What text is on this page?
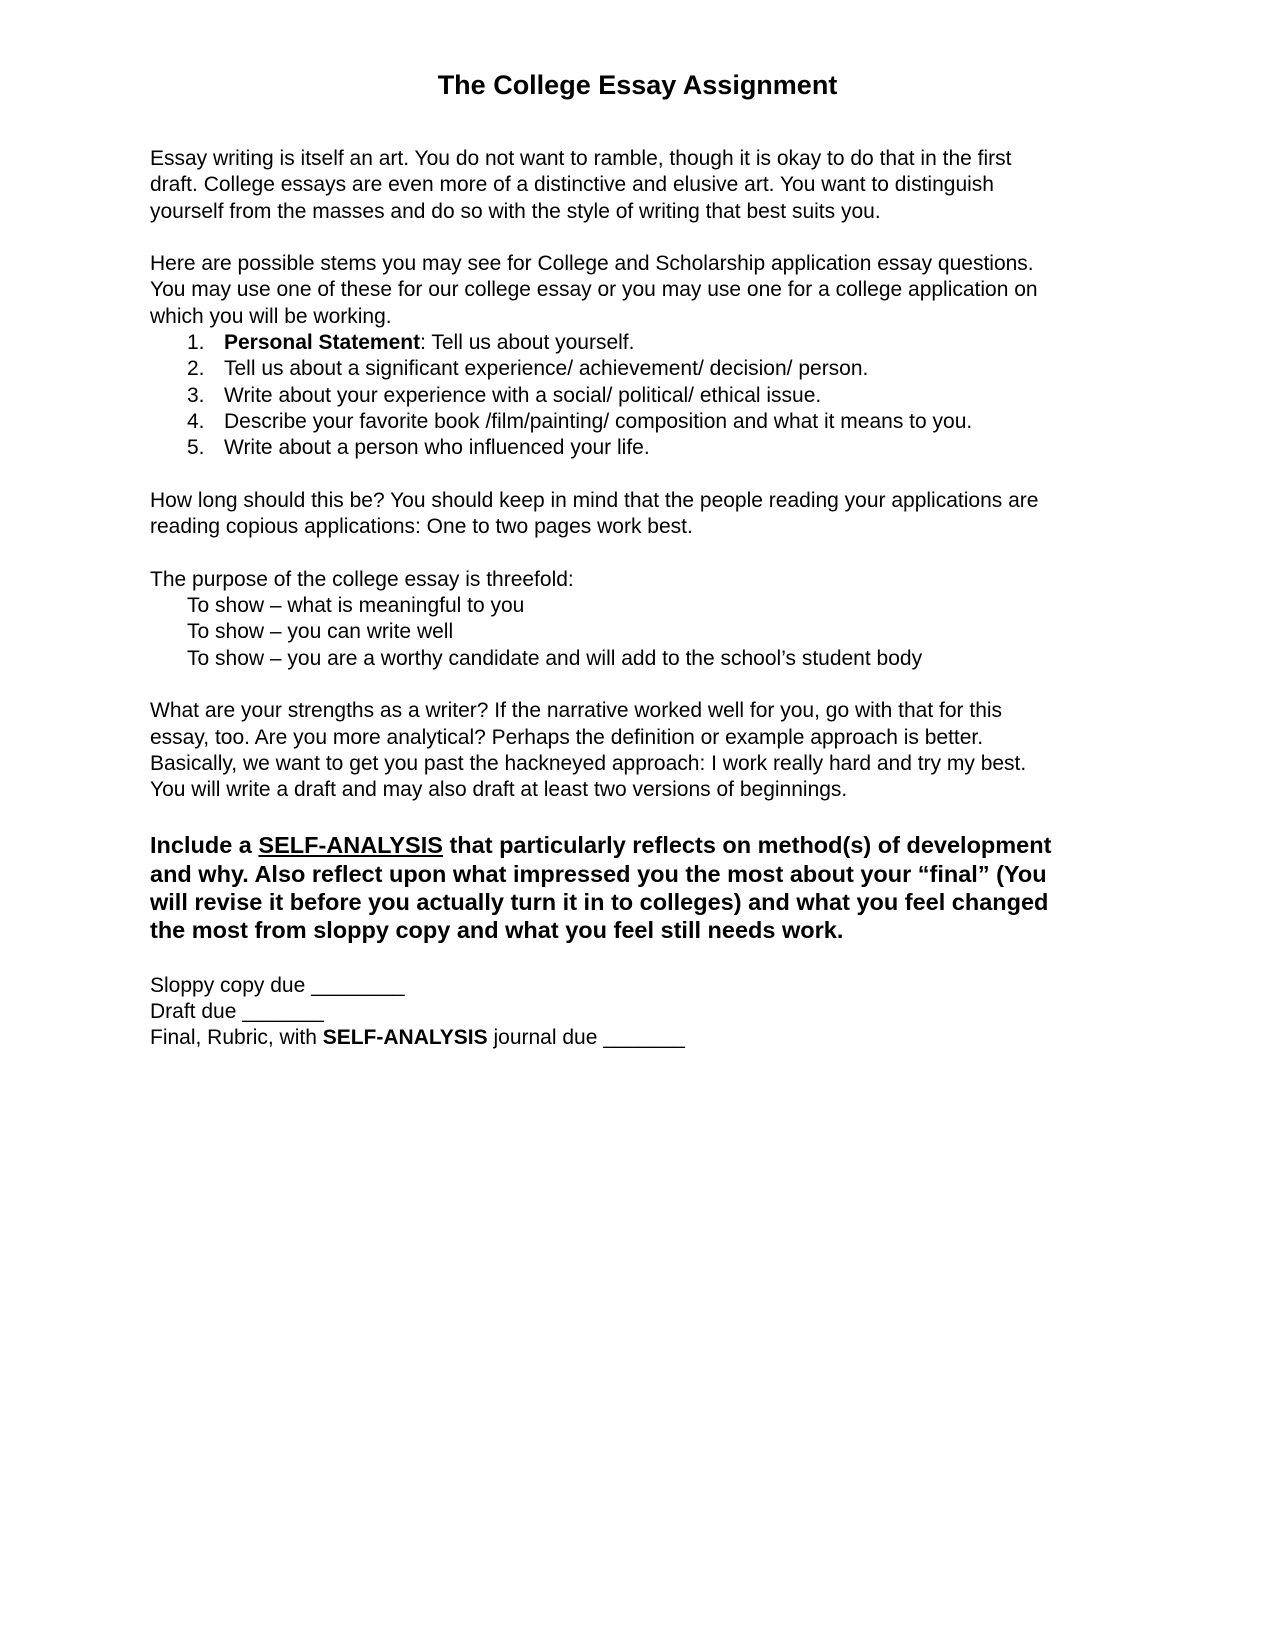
The College Essay Assignment

Essay writing is itself an art. You do not want to ramble, though it is okay to do that in the first

draft. College essays are even more of a distinctive and elusive art. You want to distinguish

yourself from the masses and do so with the style of writing that best suits you.

Here are possible stems you may see for College and Scholarship application essay questions.

You may use one of these for our college essay or you may use one for a college application on

which you will be working.

1. Personal Statement: Tell us about yourself.
2. Tell us about a significant experience/ achievement/ decision/ person.
3. Write about your experience with a social/ political/ ethical issue.
4. Describe your favorite book /film/painting/ composition and what it means to you.
5. Write about a person who influenced your life.

How long should this be? You should keep in mind that the people reading your applications are

reading copious applications: One to two pages work best.

The purpose of the college essay is threefold:

To show – what is meaningful to you

To show – you can write well

To show – you are a worthy candidate and will add to the school’s student body

What are your strengths as a writer? If the narrative worked well for you, go with that for this

essay, too. Are you more analytical? Perhaps the definition or example approach is better.

Basically, we want to get you past the hackneyed approach: I work really hard and try my best.

You will write a draft and may also draft at least two versions of beginnings.

Include a SELF-ANALYSIS that particularly reflects on method(s) of development
and why. Also reflect upon what impressed you the most about your “final” (You
will revise it before you actually turn it in to colleges) and what you feel changed
the most from sloppy copy and what you feel still needs work.

Sloppy copy due ________

Draft due _______

Final, Rubric, with SELF-ANALYSIS journal due _______
